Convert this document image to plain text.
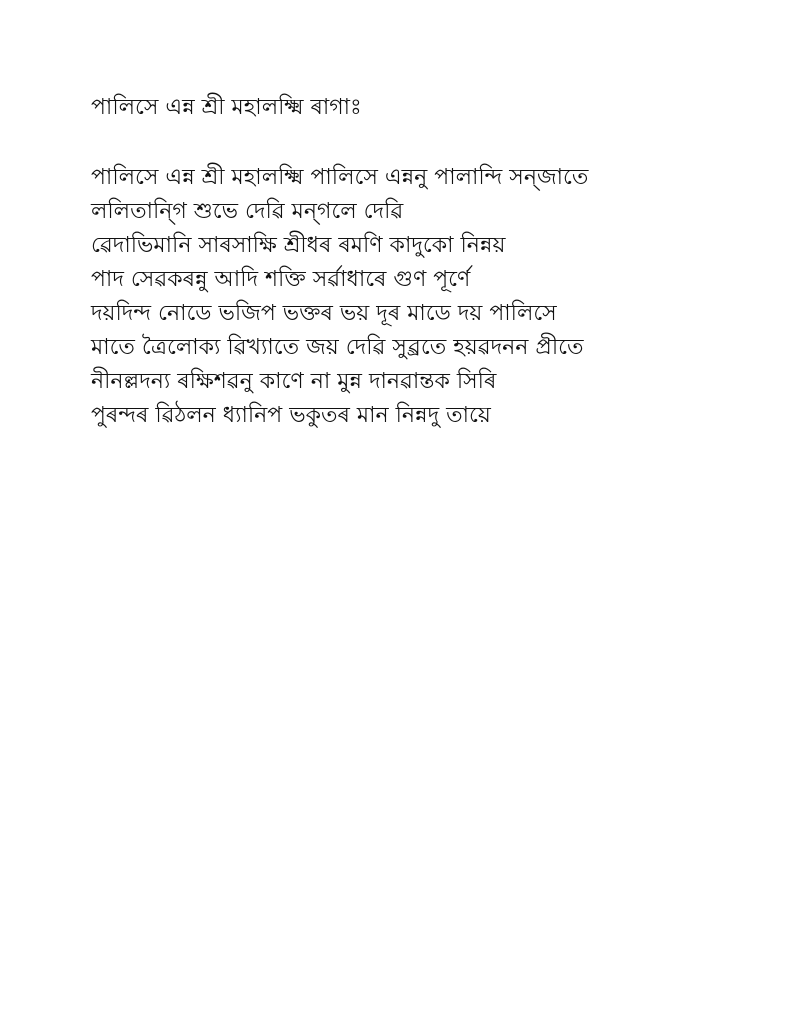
পালিসে এন্ন শ্রী মহালক্ষ্মি ৰাগাঃ
পালিসে এন্ন শ্রী মহালক্ষ্মি পালিসে এন্ননু পালান্দি সন্জাতে
ললিতান্গি শুভে দেৱি মন্গলে দেৱি
ৱেদাভিমানি সাৰসাক্ষি শ্রীধৰ ৰমণি কাদুকো নিন্নয়
পাদ সেৱকৰন্নু আদি শক্তি সৰ্ৱাধাৰে গুণ পূৰ্ণে
দয়দিন্দ নোডে ভজিপ ভক্তৰ ভয় দূৰ মাডে দয় পালিসে
মাতে ত্ৰৈলোক্য ৱিখ্যাতে জয় দেৱি সুৱ্ৰতে হয়ৱদনন প্রীতে
নীনল্লদন্য ৰক্ষিশৱনু কাণে না মুন্ন দানৱান্তক সিৰি
পুৰন্দৰ ৱিঠলন ধ্যানিপ ভকুতৰ মান নিন্নদু তায়ে
